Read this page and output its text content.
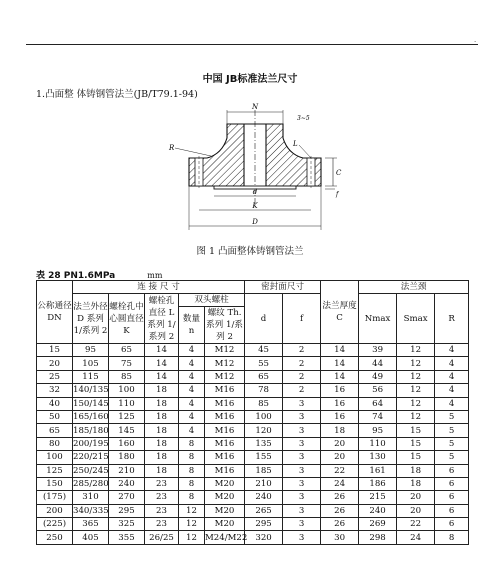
·
中国 JB标准法兰尺寸
1.凸面整 体铸钢管法兰(JB/T79.1-94)
N
3~5
R	L
C
f
d
K
D
图 1 凸面整体铸钢管法兰
表 28 PN1.6MPa	mm
公称通径 DN	连 接 尺 寸					密封面尺寸		法兰厚度 C	法兰颈		
	法兰外径 D 系列 1/系列 2	螺栓孔中心圆直径 K	螺栓孔直径 L 系列 1/系列 2	双头螺柱		d	f		Nmax	Smax	R
				数量 n	螺纹 Th. 系列 1/系列 2						
15	95	65	14	4	M12	45	2	14	39	12	4
20	105	75	14	4	M12	55	2	14	44	12	4
25	115	85	14	4	M12	65	2	14	49	12	4
32	140/135	100	18	4	M16	78	2	16	56	12	4
40	150/145	110	18	4	M16	85	3	16	64	12	4
50	165/160	125	18	4	M16	100	3	16	74	12	5
65	185/180	145	18	4	M16	120	3	18	95	15	5
80	200/195	160	18	8	M16	135	3	20	110	15	5
100	220/215	180	18	8	M16	155	3	20	130	15	5
125	250/245	210	18	8	M16	185	3	22	161	18	6
150	285/280	240	23	8	M20	210	3	24	186	18	6
(175)	310	270	23	8	M20	240	3	26	215	20	6
200	340/335	295	23	12	M20	265	3	26	240	20	6
(225)	365	325	23	12	M20	295	3	26	269	22	6
250	405	355	26/25	12	M24/M22	320	3	30	298	24	8
